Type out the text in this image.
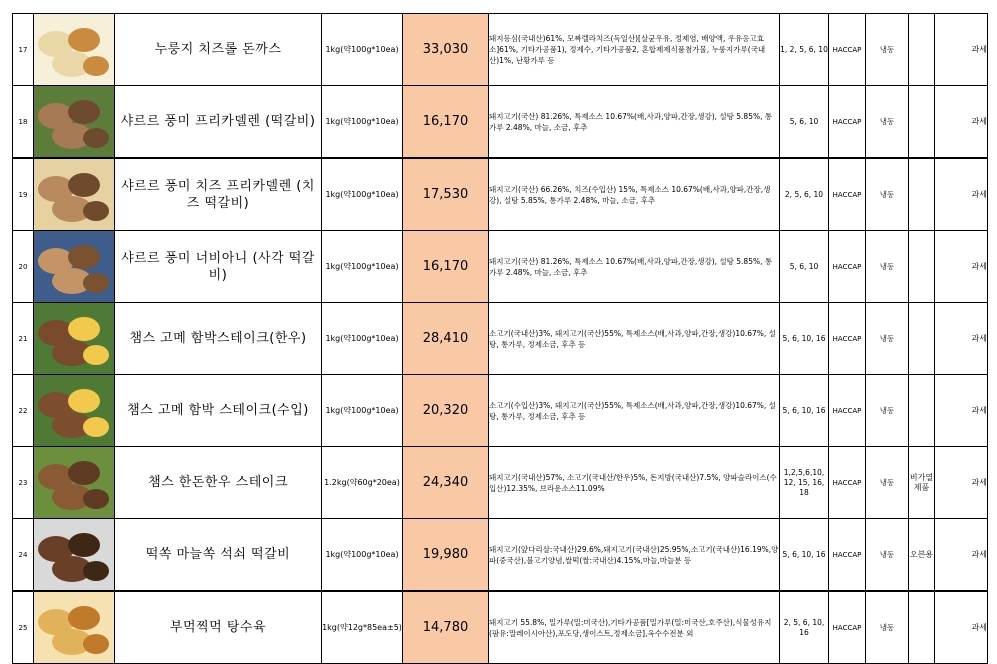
17		누룽지 치즈롤 돈까스	1kg(약100g*10ea)	33,030	돼지등심(국내산)61%, 모짜렐라치즈(독일산)[살균우유, 정제염, 배양액, 우유응고효소]61%, 기타가공품1), 정제수, 기타가공품2, 혼합제제식품첨가물, 누룽지가루(국내산)1%, 난황가루 등	1, 2, 5, 6, 10	HACCAP	냉동		과세

18		샤르르 풍미 프리카델렌 (떡갈비)	1kg(약100g*10ea)	16,170	돼지고기(국산) 81.26%, 특제소스 10.67%(배,사과,양파,간장,생강), 설탕 5.85%, 통가루 2.48%, 마늘, 소금, 후추	5, 6, 10	HACCAP	냉동		과세

19		샤르르 풍미 치즈 프리카델렌 (치즈 떡갈비)	1kg(약100g*10ea)	17,530	돼지고기(국산) 66.26%, 치즈(수입산) 15%, 특제소스 10.67%(배,사과,양파,간장,생강), 설탕 5.85%, 통가루 2.48%, 마늘, 소금, 후추	2, 5, 6, 10	HACCAP	냉동		과세

20		샤르르 풍미 너비아니 (사각 떡갈비)	1kg(약100g*10ea)	16,170	돼지고기(국산) 81.26%, 특제소스 10.67%(배,사과,양파,간장,생강), 설탕 5.85%, 통가루 2.48%, 마늘, 소금, 후추	5, 6, 10	HACCAP	냉동		과세

21		챔스 고메 함박스테이크(한우)	1kg(약100g*10ea)	28,410	소고기(국내산)3%, 돼지고기(국산)55%, 특제소스(배,사과,양파,간장,생강)10.67%, 설탕, 통가루, 정제소금, 후추 등	5, 6, 10, 16	HACCAP	냉동		과세

22		챔스 고메 함박 스테이크(수입)	1kg(약100g*10ea)	20,320	소고기(수입산)3%, 돼지고기(국산)55%, 특제소스(배,사과,양파,간장,생강)10.67%, 설탕, 통가루, 정제소금, 후추 등	5, 6, 10, 16	HACCAP	냉동		과세

23		챔스 한돈한우 스테이크	1.2kg(약60g*20ea)	24,340	돼지고기(국내산)57%, 소고기(국내산/한우)5%, 돈지방(국내산)7.5%, 양파슬라이스(수입산)12.35%, 브라운소스11.09%	1,2,5,6,10, 12, 15, 16, 18	HACCAP	냉동	비가열 제품	과세

24		떡쏙 마늘쏙 석쇠 떡갈비	1kg(약100g*10ea)	19,980	돼지고기(앞다리살:국내산)29.6%,돼지고기(국내산)25.95%,소고기(국내산)16.19%,양파(중국산),불고기양념,쌀떡(쌀:국내산)4.15%,마늘,마늘분 등	5, 6, 10, 16	HACCAP	냉동	오븐용	과세

25		부먹찍먹 탕수육	1kg(약12g*85ea±5)	14,780	돼지고기 55.8%, 밀가루(밀:미국산),기타가공품[밀가루(밀:미국산,호주산),식물성유지(팜유:말레이시아산),포도당,생이스트,정제소금],옥수수전분 외	2, 5, 6, 10, 16	HACCAP	냉동		과세
